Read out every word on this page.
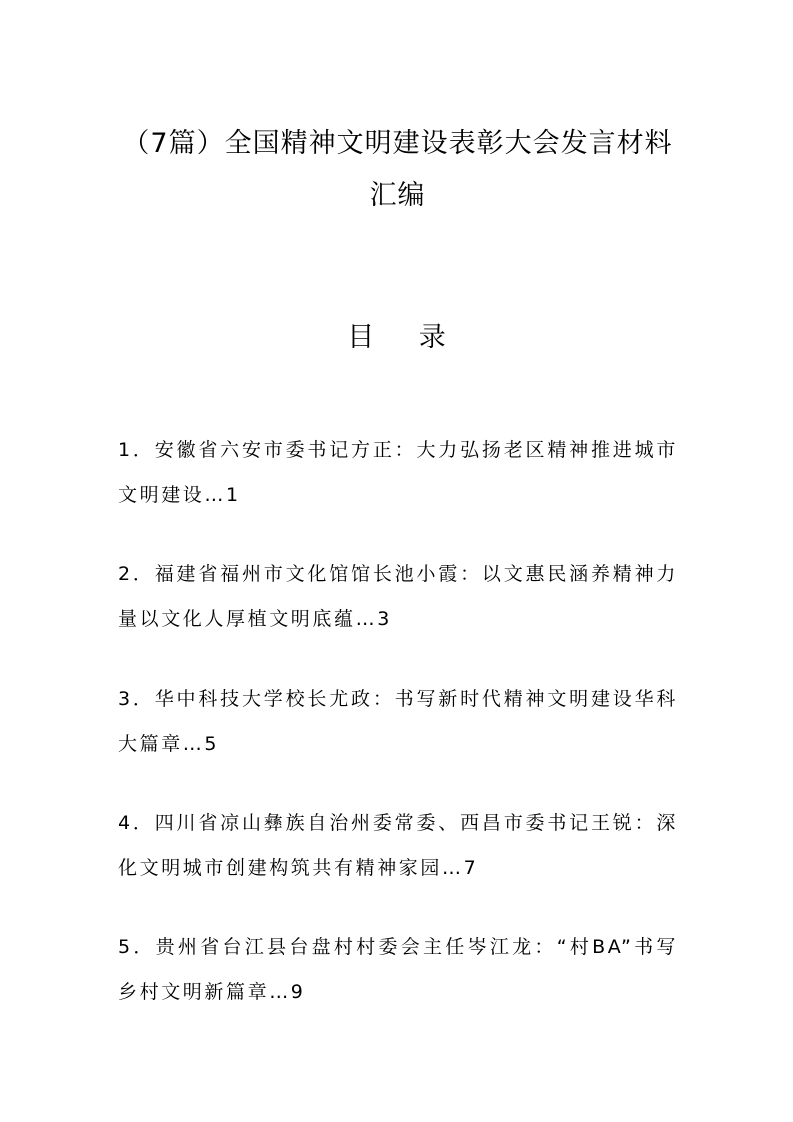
（7篇）全国精神文明建设表彰大会发言材料汇编
目 录
1．安徽省六安市委书记方正：大力弘扬老区精神推进城市文明建设…1
2．福建省福州市文化馆馆长池小霞：以文惠民涵养精神力量以文化人厚植文明底蕴…3
3．华中科技大学校长尤政：书写新时代精神文明建设华科大篇章…5
4．四川省凉山彝族自治州委常委、西昌市委书记王锐：深化文明城市创建构筑共有精神家园…7
5．贵州省台江县台盘村村委会主任岑江龙：“村BA”书写乡村文明新篇章…9
